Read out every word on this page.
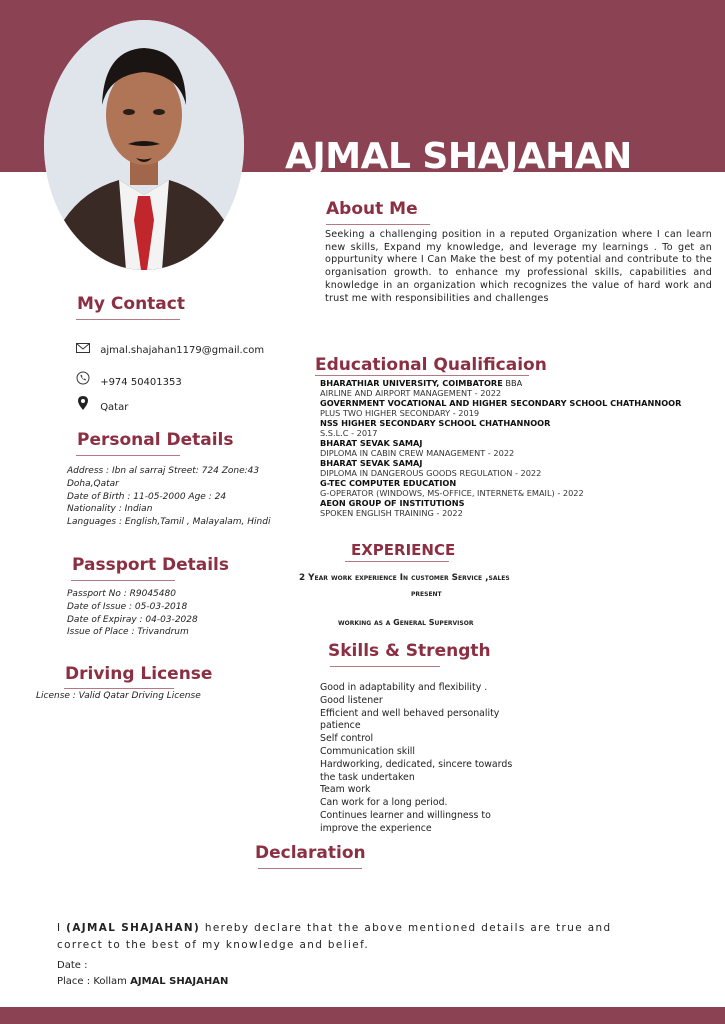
AJMAL SHAJAHAN
About Me
Seeking a challenging position in a reputed Organization where I can learn new skills, Expand my knowledge, and leverage my learnings . To get an oppurtunity where I Can Make the best of my potential and contribute to the organisation growth. to enhance my professional skills, capabilities and knowledge in an organization which recognizes the value of hard work and trust me with responsibilities and challenges
My Contact
ajmal.shajahan1179@gmail.com
+974 50401353
Qatar
Personal Details
Address : Ibn al sarraj Street: 724 Zone:43
Doha,Qatar
Date of Birth : 11-05-2000 Age : 24
Nationality : Indian
Languages : English,Tamil , Malayalam, Hindi
Passport Details
Passport No : R9045480
Date of Issue : 05-03-2018
Date of Expiray : 04-03-2028
Issue of Place : Trivandrum
Driving License
License : Valid Qatar Driving License
Educational Qualificaion
BHARATHIAR UNIVERSITY, COIMBATORE BBA
AIRLINE AND AIRPORT MANAGEMENT - 2022
GOVERNMENT VOCATIONAL AND HIGHER SECONDARY SCHOOL CHATHANNOOR
PLUS TWO HIGHER SECONDARY - 2019
NSS HIGHER SECONDARY SCHOOL CHATHANNOOR
S.S.L.C - 2017
BHARAT SEVAK SAMAJ
DIPLOMA IN CABIN CREW MANAGEMENT - 2022
BHARAT SEVAK SAMAJ
DIPLOMA IN DANGEROUS GOODS REGULATION - 2022
G-TEC COMPUTER EDUCATION
G-OPERATOR (WINDOWS, MS-OFFICE, INTERNET& EMAIL) - 2022
AEON GROUP OF INSTITUTIONS
SPOKEN ENGLISH TRAINING - 2022
EXPERIENCE
2 Year work experience In customer Service ,sales
present
working as a General Supervisor
Skills & Strength
Good in adaptability and flexibility .
Good listener
Efficient and well behaved personality
patience
Self control
Communication skill
Hardworking, dedicated, sincere towards
the task undertaken
Team work
Can work for a long period.
Continues learner and willingness to
improve the experience
Declaration
I (AJMAL SHAJAHAN) hereby declare that the above mentioned details are true and correct to the best of my knowledge and belief.
Date :
Place : Kollam AJMAL SHAJAHAN
